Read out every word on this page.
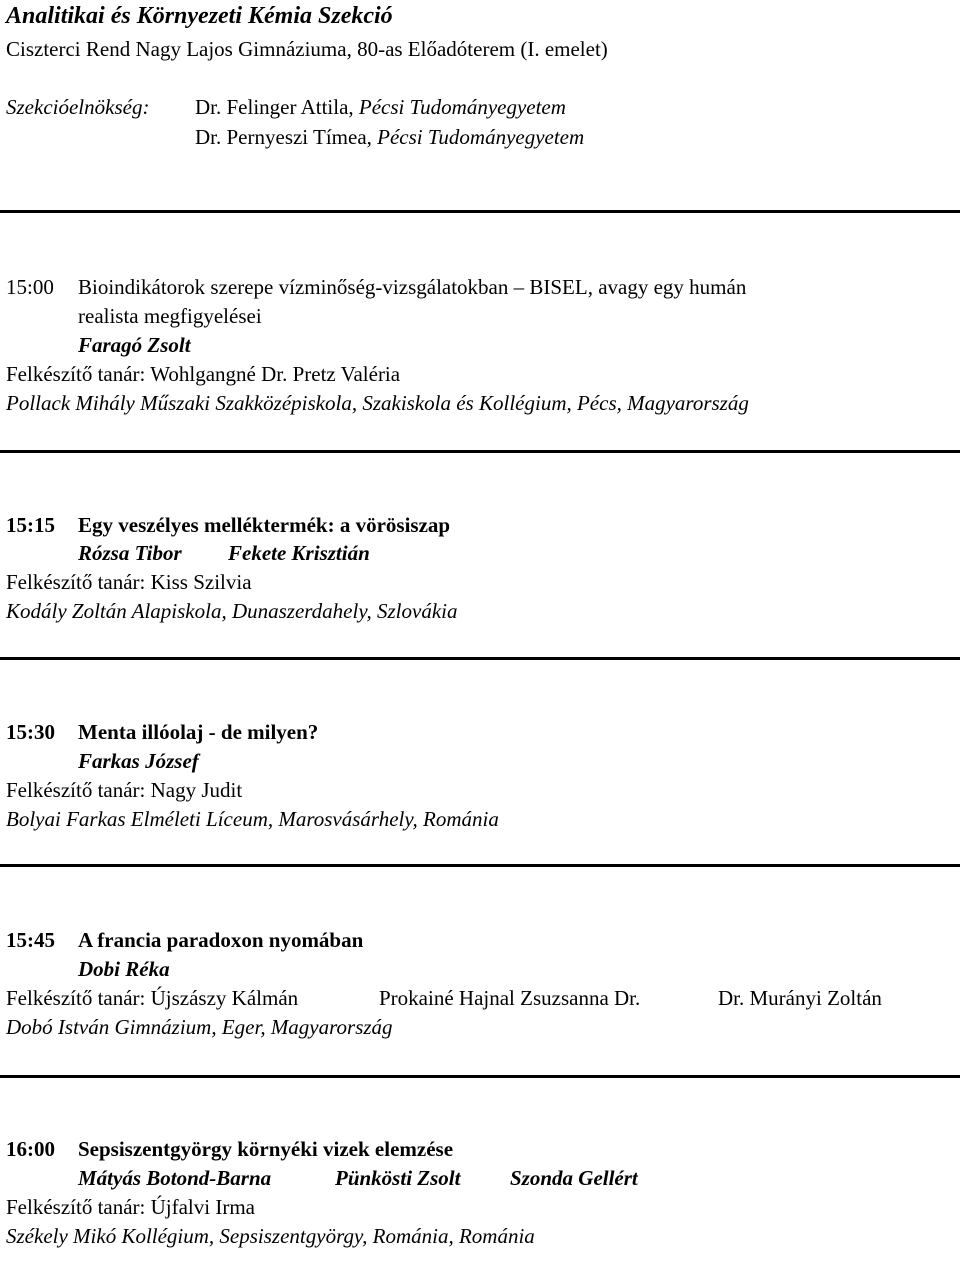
Analitikai és Környezeti Kémia Szekció
Ciszterci Rend Nagy Lajos Gimnáziuma, 80-as Előadóterem (I. emelet)
Szekcióelnökség: Dr. Felinger Attila, Pécsi Tudományegyetem
Dr. Pernyeszi Tímea, Pécsi Tudományegyetem
15:00 Bioindikátorok szerepe vízminőség-vizsgálatokban – BISEL, avagy egy humán
realista megfigyelései
Faragó Zsolt
Felkészítő tanár: Wohlgangné Dr. Pretz Valéria
Pollack Mihály Műszaki Szakközépiskola, Szakiskola és Kollégium, Pécs, Magyarország
15:15 Egy veszélyes melléktermék: a vörösiszap
Rózsa Tibor Fekete Krisztián
Felkészítő tanár: Kiss Szilvia
Kodály Zoltán Alapiskola, Dunaszerdahely, Szlovákia
15:30 Menta illóolaj - de milyen?
Farkas József
Felkészítő tanár: Nagy Judit
Bolyai Farkas Elméleti Líceum, Marosvásárhely, Románia
15:45 A francia paradoxon nyomában
Dobi Réka
Felkészítő tanár: Újszászy Kálmán	Prokainé Hajnal Zsuzsanna Dr.	Dr. Murányi Zoltán
Dobó István Gimnázium, Eger, Magyarország
16:00 Sepsiszentgyörgy környéki vizek elemzése
Mátyás Botond-Barna	Pünkösti Zsolt Szonda Gellért
Felkészítő tanár: Újfalvi Irma
Székely Mikó Kollégium, Sepsiszentgyörgy, Románia, Románia
